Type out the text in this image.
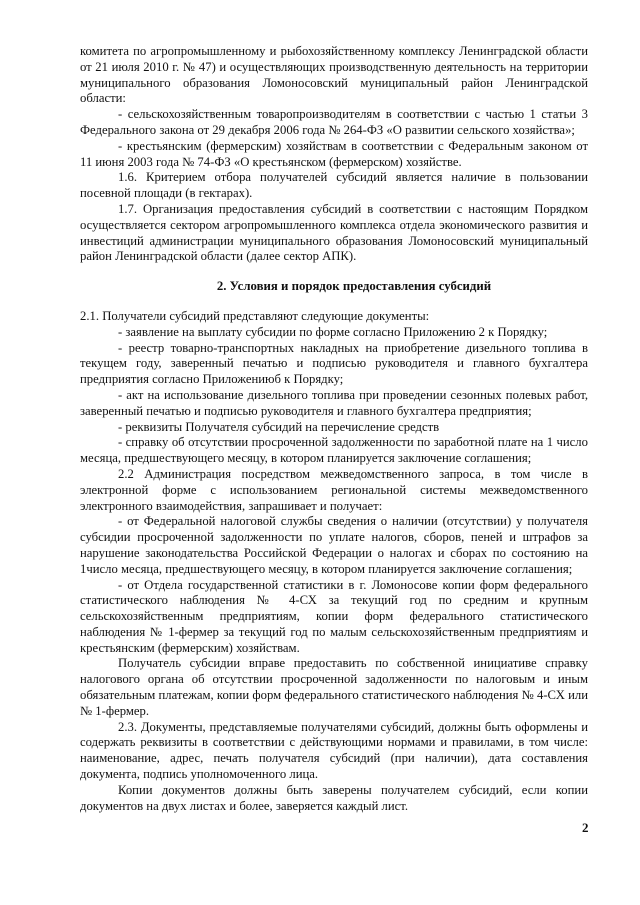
комитета по агропромышленному и рыбохозяйственному комплексу Ленинградской области от 21 июля 2010 г. № 47) и осуществляющих производственную деятельность на территории муниципального образования Ломоносовский муниципальный район Ленинградской области:

- сельскохозяйственным товаропроизводителям в соответствии с частью 1 статьи 3 Федерального закона от 29 декабря 2006 года № 264-ФЗ «О развитии сельского хозяйства»;

- крестьянским (фермерским) хозяйствам в соответствии с Федеральным законом от 11 июня 2003 года № 74-ФЗ «О крестьянском (фермерском) хозяйстве.

1.6. Критерием отбора получателей субсидий является наличие в пользовании посевной площади (в гектарах).

1.7. Организация предоставления субсидий в соответствии с настоящим Порядком осуществляется сектором агропромышленного комплекса отдела экономического развития и инвестиций администрации муниципального образования Ломоносовский муниципальный район Ленинградской области (далее сектор АПК).

2. Условия и порядок предоставления субсидий

2.1. Получатели субсидий представляют следующие документы:

- заявление на выплату субсидии по форме согласно Приложению 2 к Порядку;

- реестр товарно-транспортных накладных на приобретение дизельного топлива в текущем году, заверенный печатью и подписью руководителя и главного бухгалтера предприятия согласно Приложениюб к Порядку;

- акт на использование дизельного топлива при проведении сезонных полевых работ, заверенный печатью и подписью руководителя и главного бухгалтера предприятия;

- реквизиты Получателя субсидий на перечисление средств

- справку об отсутствии просроченной задолженности по заработной плате на 1 число месяца, предшествующего месяцу, в котором планируется заключение соглашения;

2.2 Администрация посредством межведомственного запроса, в том числе в электронной форме с использованием региональной системы межведомственного электронного взаимодействия, запрашивает и получает:

- от Федеральной налоговой службы сведения о наличии (отсутствии) у получателя субсидии просроченной задолженности по уплате налогов, сборов, пеней и штрафов за нарушение законодательства Российской Федерации о налогах и сборах по состоянию на 1число месяца, предшествующего месяцу, в котором планируется заключение соглашения;

- от Отдела государственной статистики в г. Ломоносове копии форм федерального статистического наблюдения № 4-СХ за текущий год по средним и крупным сельскохозяйственным предприятиям, копии форм федерального статистического наблюдения № 1-фермер за текущий год по малым сельскохозяйственным предприятиям и крестьянским (фермерским) хозяйствам.

Получатель субсидии вправе предоставить по собственной инициативе справку налогового органа об отсутствии просроченной задолженности по налоговым и иным обязательным платежам, копии форм федерального статистического наблюдения № 4-СХ или № 1-фермер.

2.3. Документы, представляемые получателями субсидий, должны быть оформлены и содержать реквизиты в соответствии с действующими нормами и правилами, в том числе: наименование, адрес, печать получателя субсидий (при наличии), дата составления документа, подпись уполномоченного лица.

Копии документов должны быть заверены получателем субсидий, если копии документов на двух листах и более, заверяется каждый лист.

2
